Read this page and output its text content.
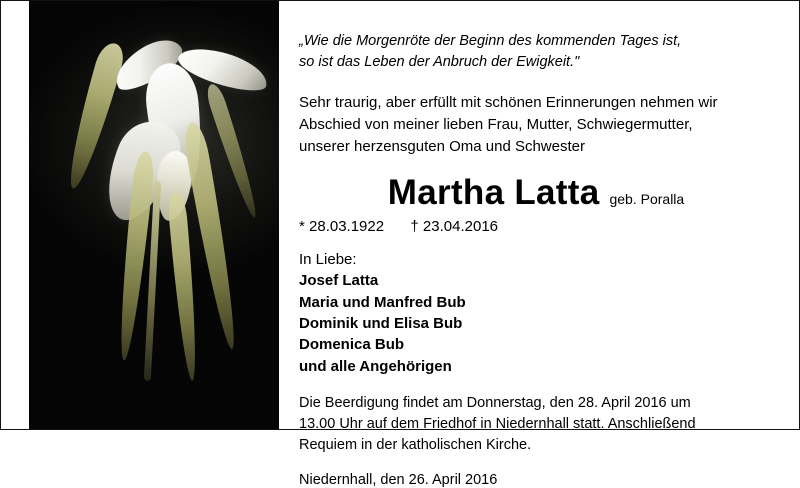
„Wie die Morgenröte der Beginn des kommenden Tages ist,
so ist das Leben der Anbruch der Ewigkeit."
Sehr traurig, aber erfüllt mit schönen Erinnerungen nehmen wir
Abschied von meiner lieben Frau, Mutter, Schwiegermutter,
unserer herzensguten Oma und Schwester
Martha Latta geb. Poralla
* 28.03.1922 † 23.04.2016
In Liebe:
Josef Latta
Maria und Manfred Bub
Dominik und Elisa Bub
Domenica Bub
und alle Angehörigen
Die Beerdigung findet am Donnerstag, den 28. April 2016 um
13.00 Uhr auf dem Friedhof in Niedernhall statt. Anschließend
Requiem in der katholischen Kirche.
Niedernhall, den 26. April 2016
